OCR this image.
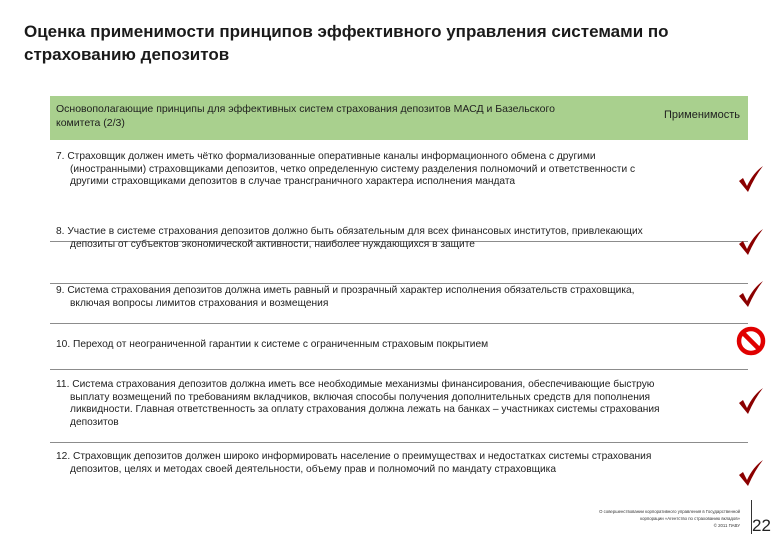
Оценка применимости принципов эффективного управления системами по страхованию депозитов
Основополагающие принципы для эффективных систем страхования депозитов МАСД и Базельского комитета (2/3)
Применимость
7. Страховщик должен иметь чётко формализованные оперативные каналы информационного обмена с другими (иностранными) страховщиками депозитов, четко определенную систему разделения полномочий и ответственности с другими страховщиками депозитов в случае трансграничного характера исполнения мандата
8. Участие в системе страхования депозитов должно быть обязательным для всех финансовых институтов, привлекающих депозиты от субъектов экономической активности, наиболее нуждающихся в защите
9. Система страхования депозитов должна иметь равный и прозрачный характер исполнения обязательств страховщика, включая вопросы лимитов страхования и возмещения
10. Переход от неограниченной гарантии к системе с ограниченным страховым покрытием
11. Система страхования депозитов должна иметь все необходимые механизмы финансирования, обеспечивающие быструю выплату возмещений по требованиям вкладчиков, включая способы получения дополнительных средств для пополнения ликвидности. Главная ответственность за оплату страхования должна лежать на банках – участниках системы страхования депозитов
12. Страховщик депозитов должен широко информировать население о преимуществах и недостатках системы страхования депозитов, целях и методах своей деятельности, объему прав и полномочий по мандату страховщика
О совершенствовании корпоративного управления в Государственной
корпорации «Агентство по страхованию вкладов»
© 2011 ПАВУ 22
